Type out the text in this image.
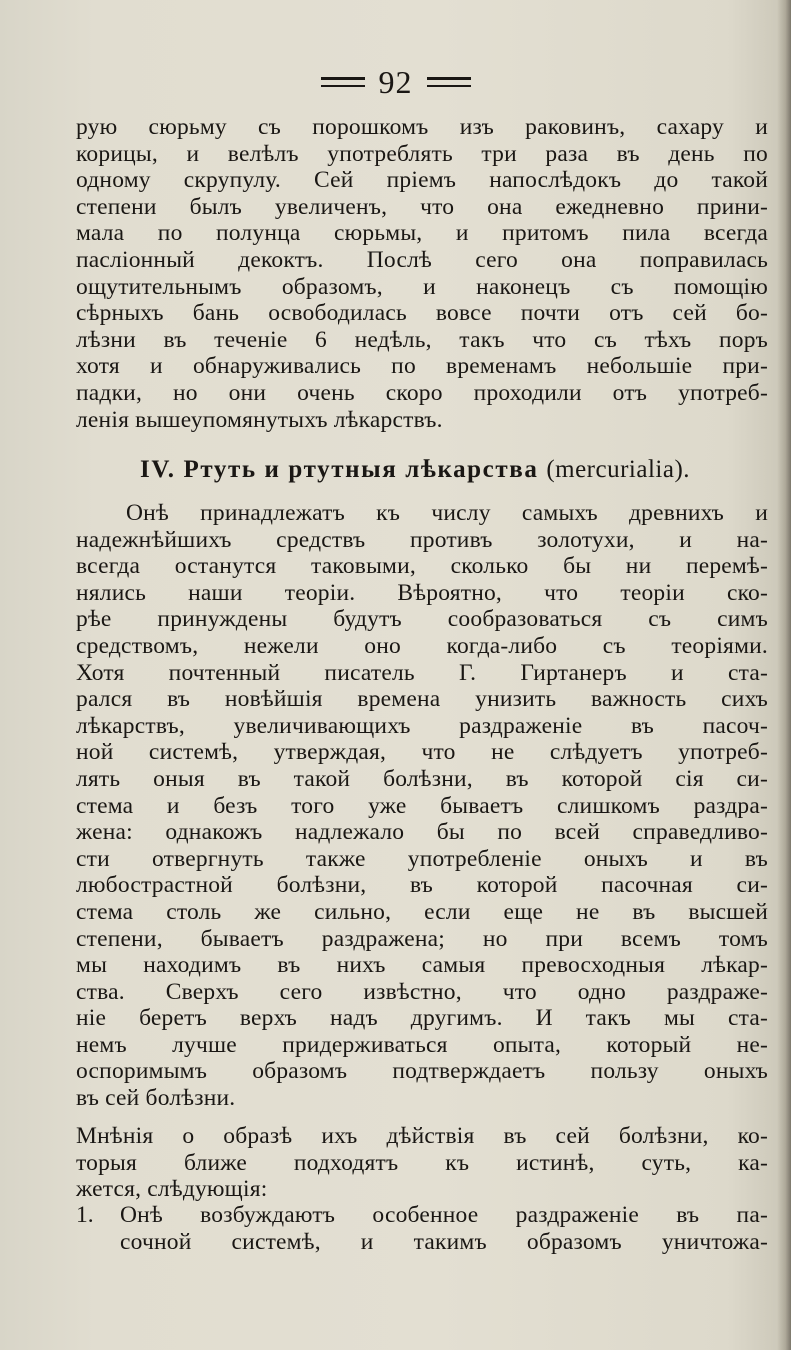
92
рую сюрьму съ порошкомъ изъ раковинъ, сахару и
корицы, и велѣлъ употреблять три раза въ день по
одному скрупулу. Сей пріемъ напослѣдокъ до такой
степени былъ увеличенъ, что она ежедневно прини-
мала по полунца сюрьмы, и притомъ пила всегда
пасліонный декоктъ. Послѣ сего она поправилась
ощутительнымъ образомъ, и наконецъ съ помощію
сѣрныхъ бань освободилась вовсе почти отъ сей бо-
лѣзни въ теченіе 6 недѣль, такъ что съ тѣхъ поръ
хотя и обнаруживались по временамъ небольшіе при-
падки, но они очень скоро проходили отъ употреб-
ленія вышеупомянутыхъ лѣкарствъ.
IV. Ртуть и ртутныя лѣкарства (mercurialia).
Онѣ принадлежатъ къ числу самыхъ древнихъ и
надежнѣйшихъ средствъ противъ золотухи, и на-
всегда останутся таковыми, сколько бы ни перемѣ-
нялись наши теоріи. Вѣроятно, что теоріи ско-
рѣе принуждены будутъ сообразоваться съ симъ
средствомъ, нежели оно когда-либо съ теоріями.
Хотя почтенный писатель Г. Гиртанеръ и ста-
рался въ новѣйшія времена унизить важность сихъ
лѣкарствъ, увеличивающихъ раздраженіе въ пасоч-
ной системѣ, утверждая, что не слѣдуетъ употреб-
лять оныя въ такой болѣзни, въ которой сія си-
стема и безъ того уже бываетъ слишкомъ раздра-
жена: однакожъ надлежало бы по всей справедливо-
сти отвергнуть также употребленіе оныхъ и въ
любострастной болѣзни, въ которой пасочная си-
стема столь же сильно, если еще не въ высшей
степени, бываетъ раздражена; но при всемъ томъ
мы находимъ въ нихъ самыя превосходныя лѣкар-
ства. Сверхъ сего извѣстно, что одно раздраже-
ніе беретъ верхъ надъ другимъ. И такъ мы ста-
немъ лучше придерживаться опыта, который не-
оспоримымъ образомъ подтверждаетъ пользу оныхъ
въ сей болѣзни.
Мнѣнія о образѣ ихъ дѣйствія въ сей болѣзни, ко-
торыя ближе подходятъ къ истинѣ, суть, ка-
жется, слѣдующія:
1. Онѣ возбуждаютъ особенное раздраженіе въ па-
сочной системѣ, и такимъ образомъ уничтожа-
